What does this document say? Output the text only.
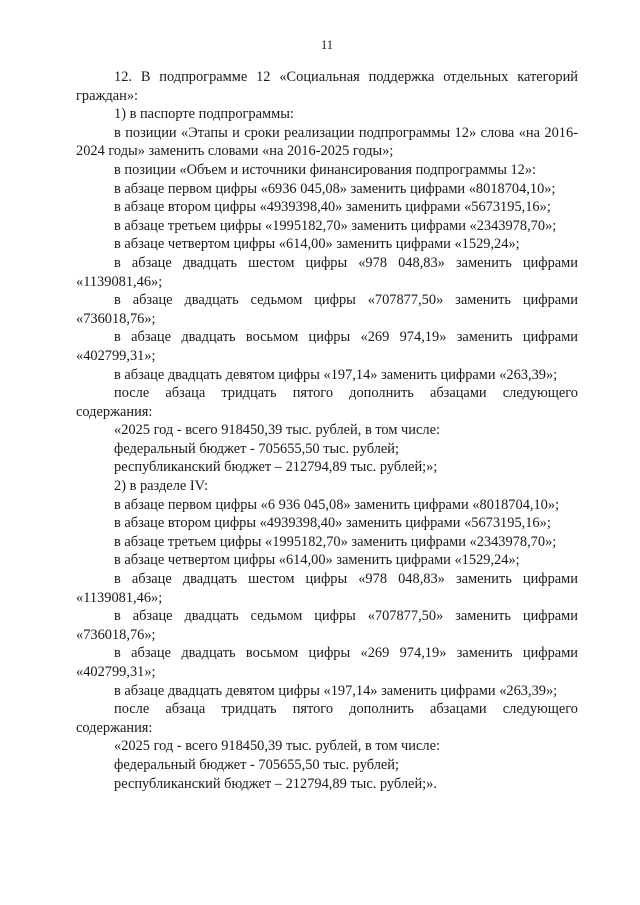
11

12. В подпрограмме 12 «Социальная поддержка отдельных категорий граждан»:

1) в паспорте подпрограммы:

в позиции «Этапы и сроки реализации подпрограммы 12» слова «на 2016-2024 годы» заменить словами «на 2016-2025 годы»;

в позиции «Объем и источники финансирования подпрограммы 12»:

в абзаце первом цифры «6936 045,08» заменить цифрами «8018704,10»;

в абзаце втором цифры «4939398,40» заменить цифрами «5673195,16»;

в абзаце третьем цифры «1995182,70» заменить цифрами «2343978,70»;

в абзаце четвертом цифры «614,00» заменить цифрами «1529,24»;

в абзаце двадцать шестом цифры «978 048,83» заменить цифрами «1139081,46»;

в абзаце двадцать седьмом цифры «707877,50» заменить цифрами «736018,76»;

в абзаце двадцать восьмом цифры «269 974,19» заменить цифрами «402799,31»;

в абзаце двадцать девятом цифры «197,14» заменить цифрами «263,39»;

после абзаца тридцать пятого дополнить абзацами следующего содержания:

«2025 год - всего 918450,39 тыс. рублей, в том числе:

федеральный бюджет - 705655,50 тыс. рублей;

республиканский бюджет – 212794,89 тыс. рублей;»;

2) в разделе IV:

в абзаце первом цифры «6 936 045,08» заменить цифрами «8018704,10»;

в абзаце втором цифры «4939398,40» заменить цифрами «5673195,16»;

в абзаце третьем цифры «1995182,70» заменить цифрами «2343978,70»;

в абзаце четвертом цифры «614,00» заменить цифрами «1529,24»;

в абзаце двадцать шестом цифры «978 048,83» заменить цифрами «1139081,46»;

в абзаце двадцать седьмом цифры «707877,50» заменить цифрами «736018,76»;

в абзаце двадцать восьмом цифры «269 974,19» заменить цифрами «402799,31»;

в абзаце двадцать девятом цифры «197,14» заменить цифрами «263,39»;

после абзаца тридцать пятого дополнить абзацами следующего содержания:

«2025 год - всего 918450,39 тыс. рублей, в том числе:

федеральный бюджет - 705655,50 тыс. рублей;

республиканский бюджет – 212794,89 тыс. рублей;».
